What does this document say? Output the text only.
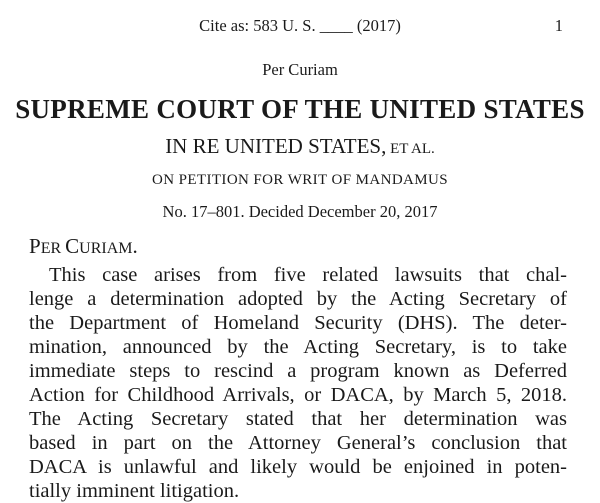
Cite as: 583 U. S. ____ (2017)	1
Per Curiam
SUPREME COURT OF THE UNITED STATES
IN RE UNITED STATES, ET AL.
ON PETITION FOR WRIT OF MANDAMUS
No. 17–801. Decided December 20, 2017
PER CURIAM.
This case arises from five related lawsuits that chal-
lenge a determination adopted by the Acting Secretary of
the Department of Homeland Security (DHS). The deter-
mination, announced by the Acting Secretary, is to take
immediate steps to rescind a program known as Deferred
Action for Childhood Arrivals, or DACA, by March 5, 2018.
The Acting Secretary stated that her determination was
based in part on the Attorney General’s conclusion that
DACA is unlawful and likely would be enjoined in poten-
tially imminent litigation.
